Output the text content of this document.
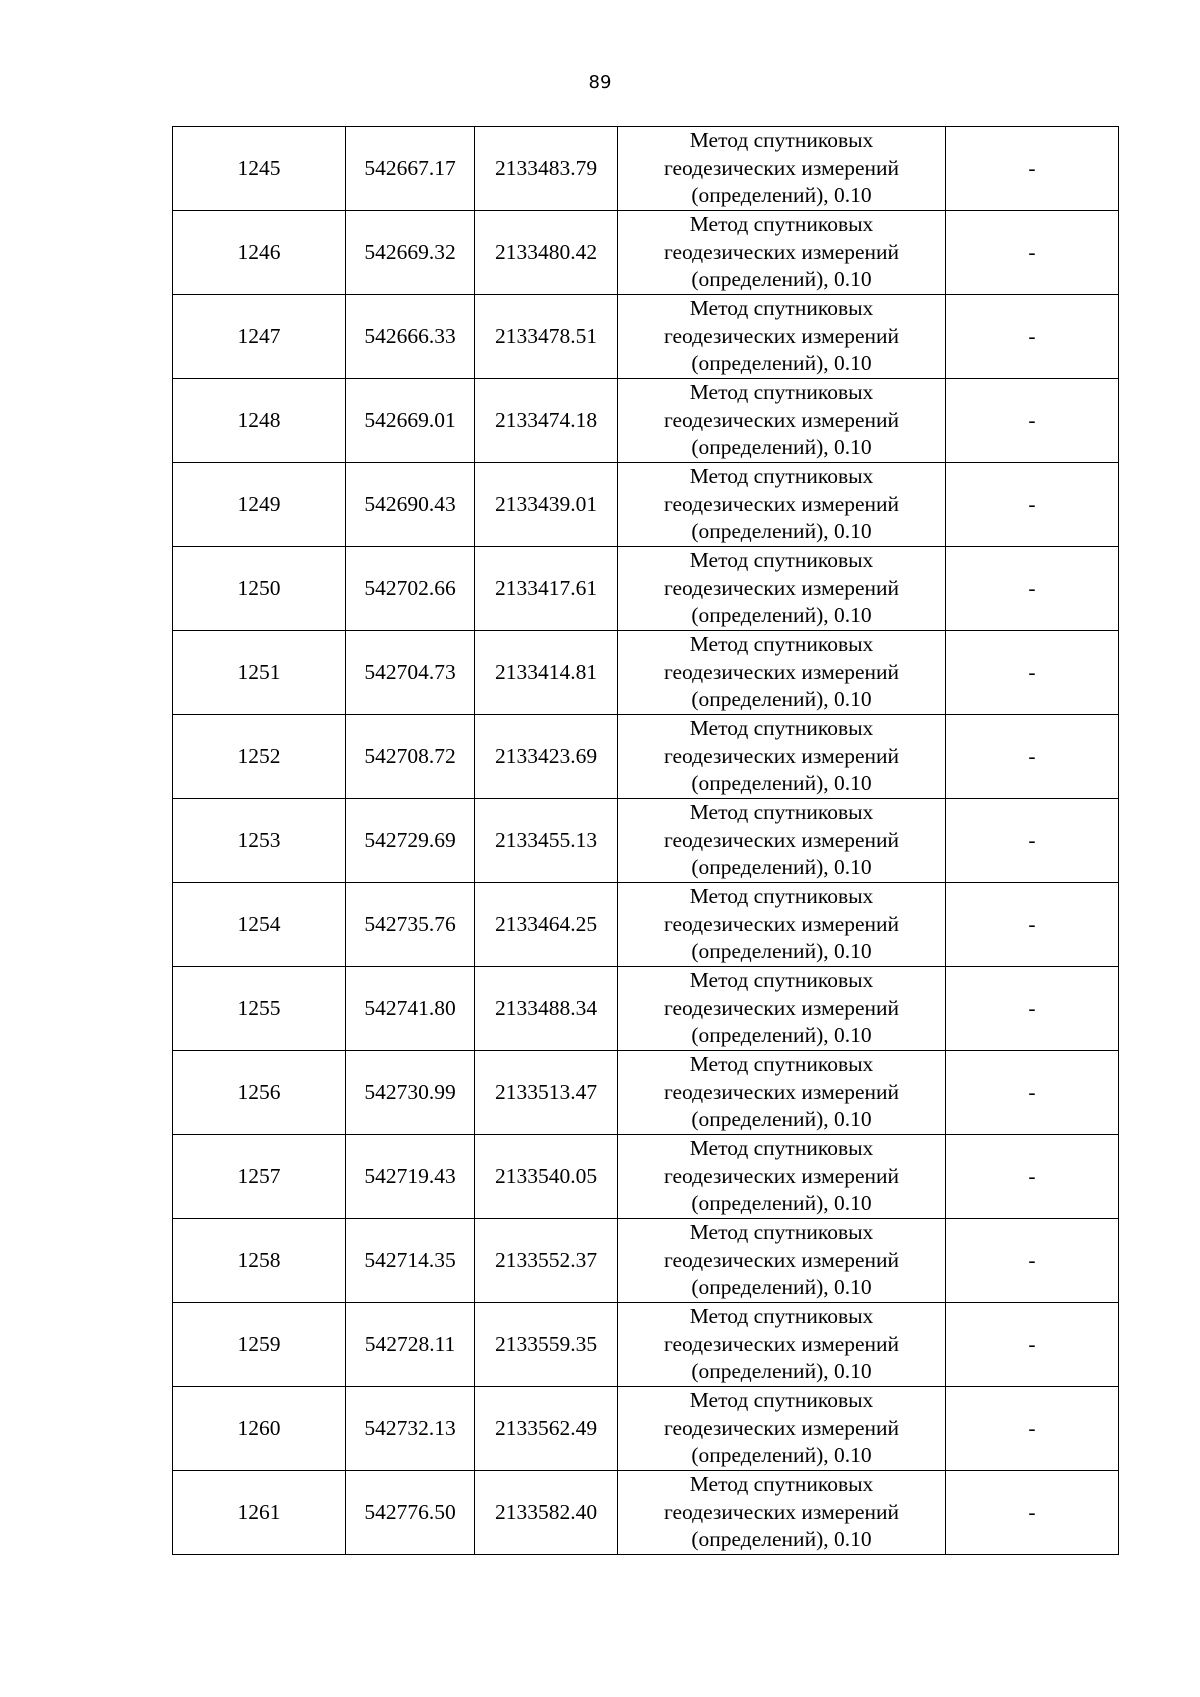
89
1245	542667.17	2133483.79	Метод спутниковых
геодезических измерений
(определений), 0.10	-
1246	542669.32	2133480.42	Метод спутниковых
геодезических измерений
(определений), 0.10	-
1247	542666.33	2133478.51	Метод спутниковых
геодезических измерений
(определений), 0.10	-
1248	542669.01	2133474.18	Метод спутниковых
геодезических измерений
(определений), 0.10	-
1249	542690.43	2133439.01	Метод спутниковых
геодезических измерений
(определений), 0.10	-
1250	542702.66	2133417.61	Метод спутниковых
геодезических измерений
(определений), 0.10	-
1251	542704.73	2133414.81	Метод спутниковых
геодезических измерений
(определений), 0.10	-
1252	542708.72	2133423.69	Метод спутниковых
геодезических измерений
(определений), 0.10	-
1253	542729.69	2133455.13	Метод спутниковых
геодезических измерений
(определений), 0.10	-
1254	542735.76	2133464.25	Метод спутниковых
геодезических измерений
(определений), 0.10	-
1255	542741.80	2133488.34	Метод спутниковых
геодезических измерений
(определений), 0.10	-
1256	542730.99	2133513.47	Метод спутниковых
геодезических измерений
(определений), 0.10	-
1257	542719.43	2133540.05	Метод спутниковых
геодезических измерений
(определений), 0.10	-
1258	542714.35	2133552.37	Метод спутниковых
геодезических измерений
(определений), 0.10	-
1259	542728.11	2133559.35	Метод спутниковых
геодезических измерений
(определений), 0.10	-
1260	542732.13	2133562.49	Метод спутниковых
геодезических измерений
(определений), 0.10	-
1261	542776.50	2133582.40	Метод спутниковых
геодезических измерений
(определений), 0.10	-
